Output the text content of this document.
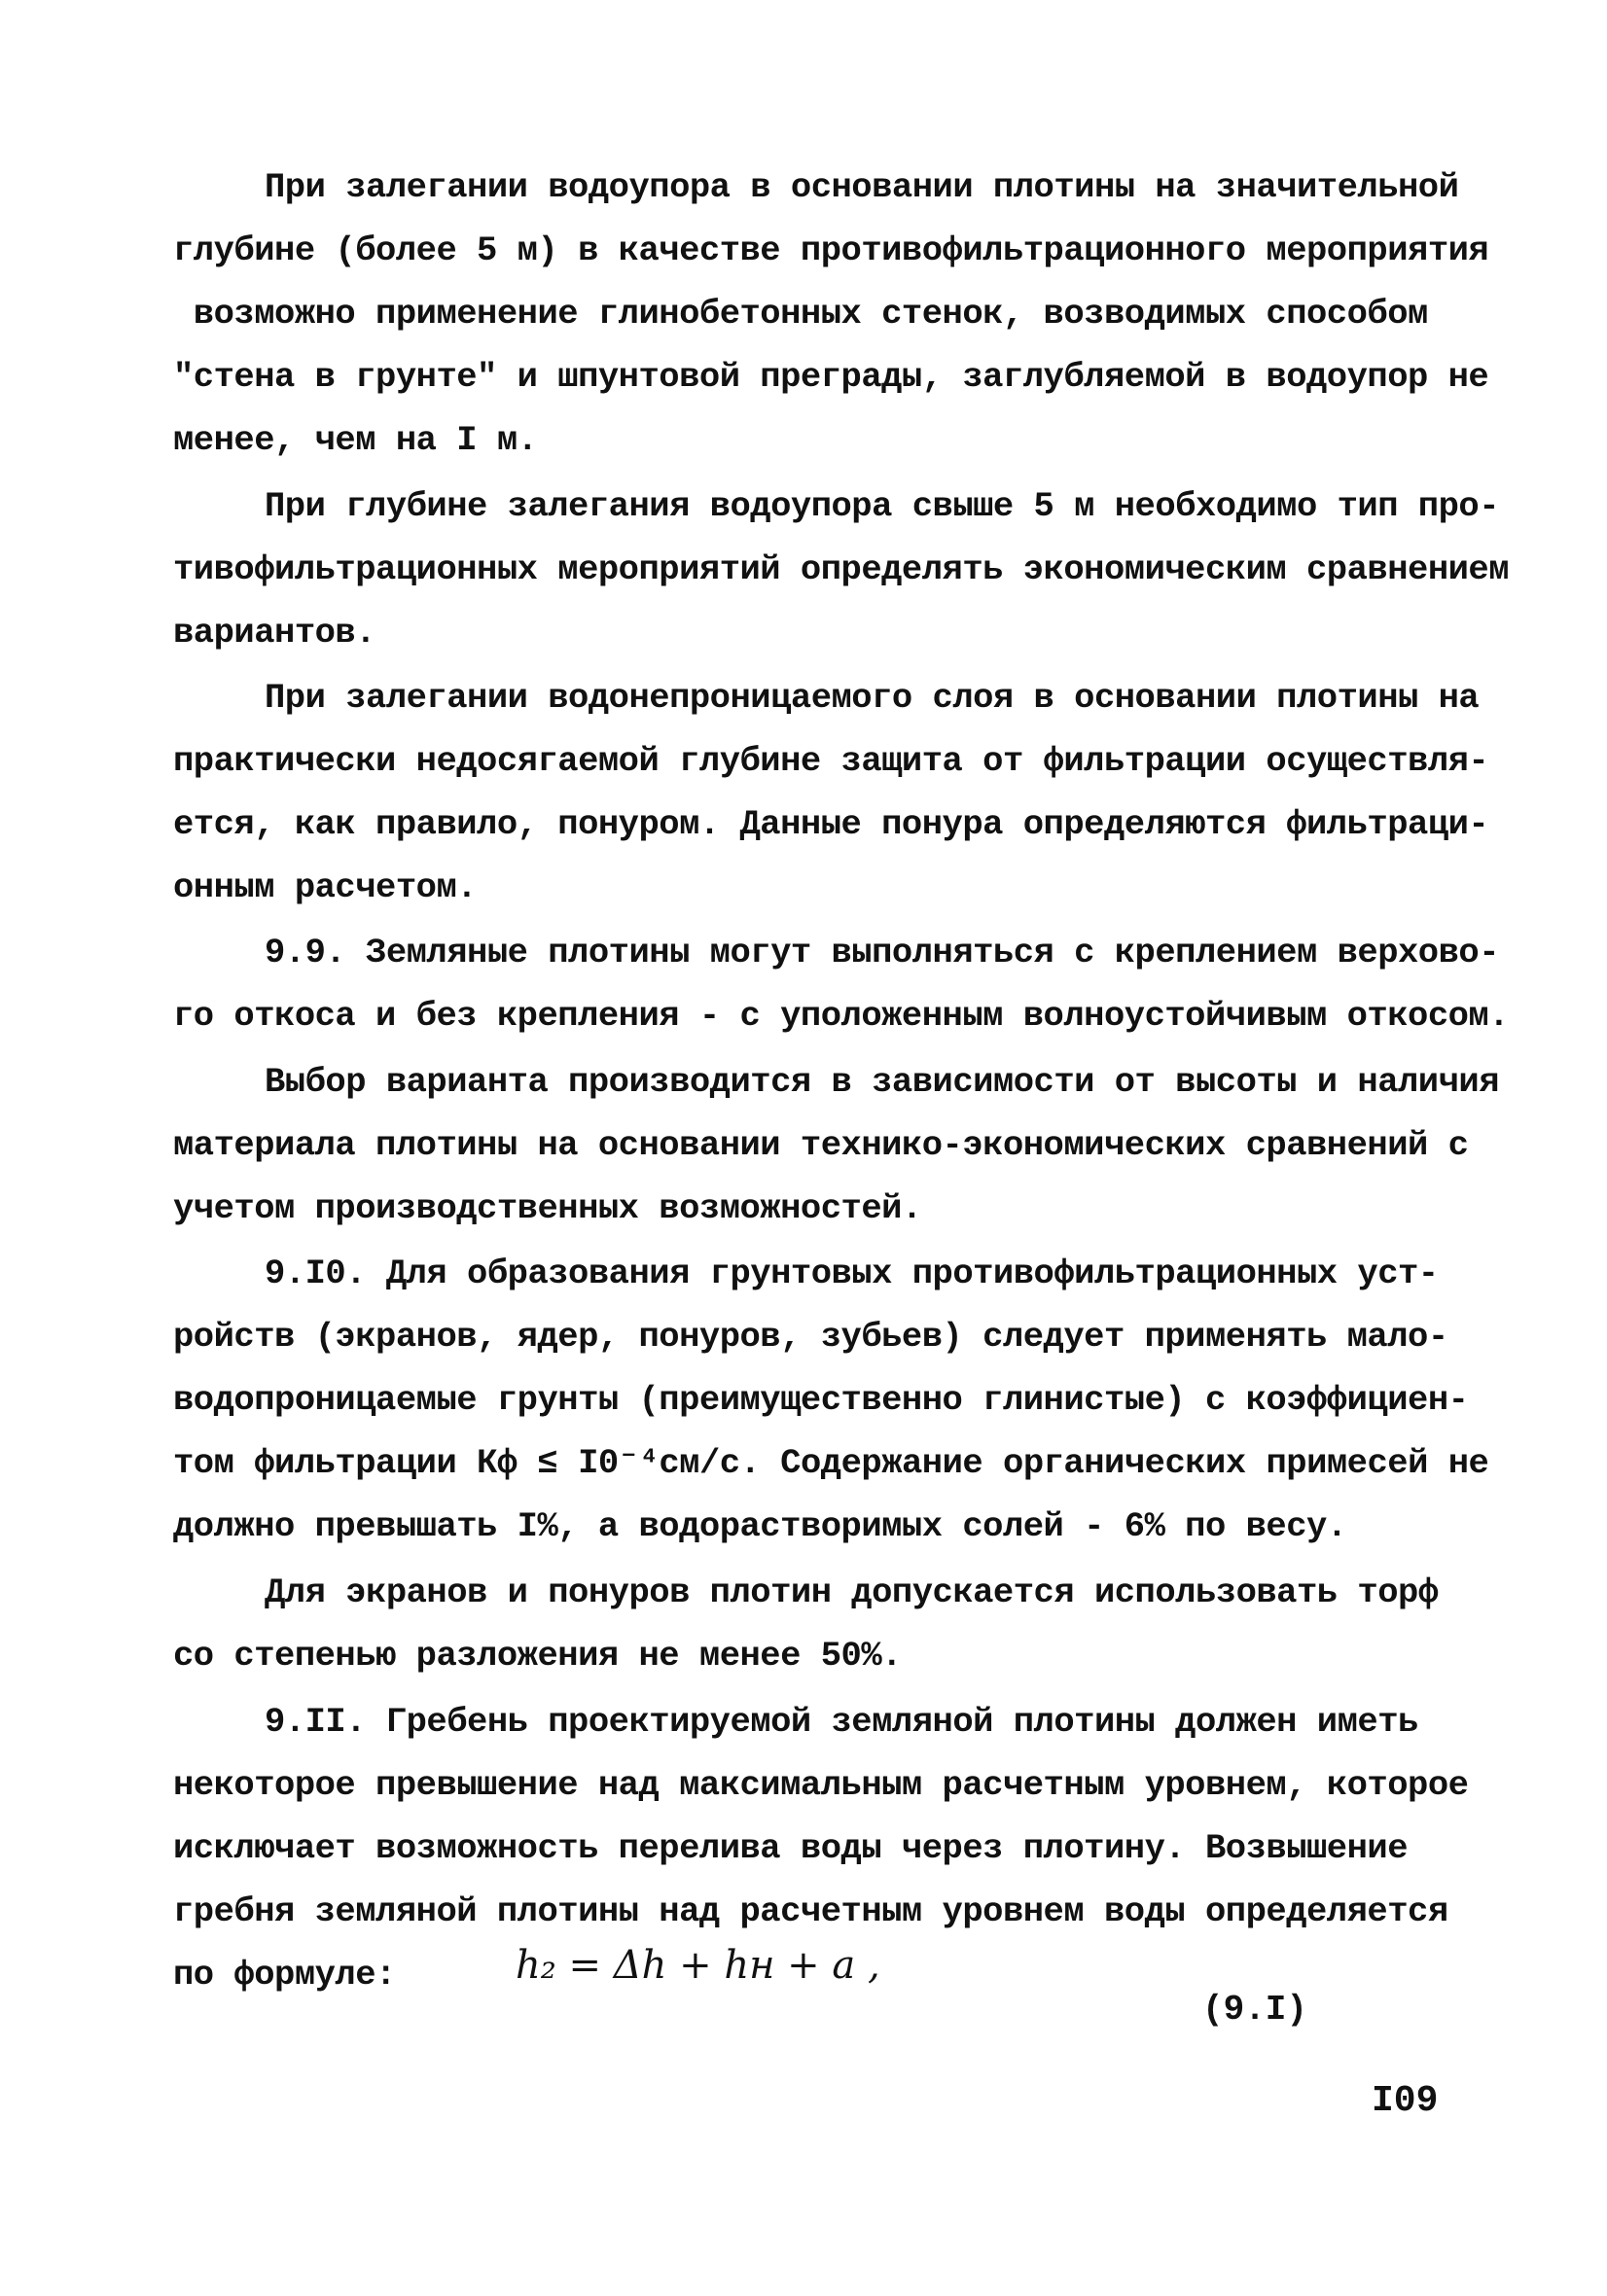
При залегании водоупора в основании плотины на значительной
глубине (более 5 м) в качестве противофильтрационного мероприятия
возможно применение глинобетонных стенок, возводимых способом
"стена в грунте" и шпунтовой преграды, заглубляемой в водоупор не
менее, чем на I м.
При глубине залегания водоупора свыше 5 м необходимо тип про-
тивофильтрационных мероприятий определять экономическим сравнением
вариантов.
При залегании водонепроницаемого слоя в основании плотины на
практически недосягаемой глубине защита от фильтрации осуществля-
ется, как правило, понуром. Данные понура определяются фильтраци-
онным расчетом.
9.9. Земляные плотины могут выполняться с креплением верхово-
го откоса и без крепления - с уположенным волноустойчивым откосом.
Выбор варианта производится в зависимости от высоты и наличия
материала плотины на основании технико-экономических сравнений с
учетом производственных возможностей.
9.I0. Для образования грунтовых противофильтрационных уст-
ройств (экранов, ядер, понуров, зубьев) следует применять мало-
водопроницаемые грунты (преимущественно глинистые) с коэффициен-
том фильтрации Кф ≤ I0⁻⁴см/с. Содержание органических примесей не
должно превышать I%, а водорастворимых солей - 6% по весу.
Для экранов и понуров плотин допускается использовать торф
со степенью разложения не менее 50%.
9.II. Гребень проектируемой земляной плотины должен иметь
некоторое превышение над максимальным расчетным уровнем, которое
исключает возможность перелива воды через плотину. Возвышение
гребня земляной плотины над расчетным уровнем воды определяется
по формуле:	h₂ = Δh + hн + a ,
(9.I)
I09
